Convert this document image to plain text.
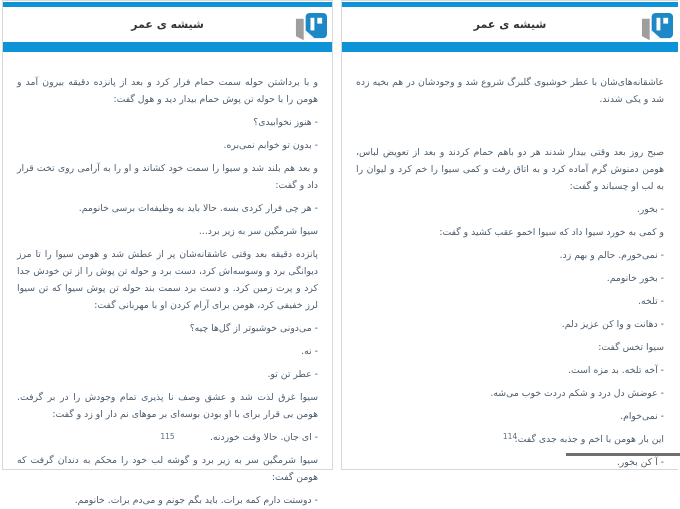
شیشه ی عمر

عاشقانه‌های‌شان با عطر خوشبوی گلبرگ شروع شد و وجودشان در هم بخیه زده شد و یکی شدند.

صبح روز بعد وقتی بیدار شدند هر دو باهم حمام کردند و بعد از تعویض لباس، هومن دمنوش گرم آماده کرد و به اتاق رفت و کمی سیوا را خم کرد و لیوان را به لب او چسباند و گفت:

- بخور.

و کمی به خورد سیوا داد که سیوا اخمو عقب کشید و گفت:

- نمی‌خورم. حالم و بهم زد.

- بخور خانومم.

- تلخه.

- دهانت و وا کن عزیز دلم.

سیوا تخس گفت:

- آخه تلخه. بد مزه است.

- عوضش دل درد و شکم دردت خوب می‌شه.

- نمی‌خوام.

این بار هومن با اخم و جذبه جدی گفت:

- آ کن بخور.

114
شیشه ی عمر

و با برداشتن حوله سمت حمام فرار کرد و بعد از پانزده دقیقه بیرون آمد و هومن را با حوله تن پوش حمام بیدار دید و هول گفت:

- هنوز نخوابیدی؟

- بدون تو خوابم نمی‌بره.

و بعد هم بلند شد و سیوا را سمت خود کشاند و او را به آرامی روی تخت قرار داد و گفت:

- هر چی فرار کردی بسه. حالا باید به وظیفه‌ات برسی خانومم.

سیوا شرمگین سر به زیر برد...

پانزده دقیقه بعد وقتی عاشقانه‌شان پر از عطش شد و هومن سیوا را تا مرز دیوانگی برد و وسوسه‌اش کرد، دست برد و حوله تن پوش را از تن خودش جدا کرد و پرت زمین کرد. و دست برد سمت بند حوله تن پوش سیوا که تن سیوا لرز خفیفی کرد، هومن برای آرام کردن او با مهربانی گفت:

- می‌دونی خوشبوتر از گل‌ها چیه؟

- نه.

- عطر تن تو.

سیوا غرق لذت شد و عشق وصف نا پذیری تمام وجودش را در بر گرفت. هومن بی قرار برای با او بودن بوسه‌ای بر موهای نم دار او زد و گفت:

- ای جان. حالا وقت خوردنه.

سیوا شرمگین سر به زیر برد و گوشه لب خود را محکم به دندان گرفت که هومن گفت:

- دوستت دارم کمه برات. باید بگم جونم و می‌دم برات. خانومم.

115
